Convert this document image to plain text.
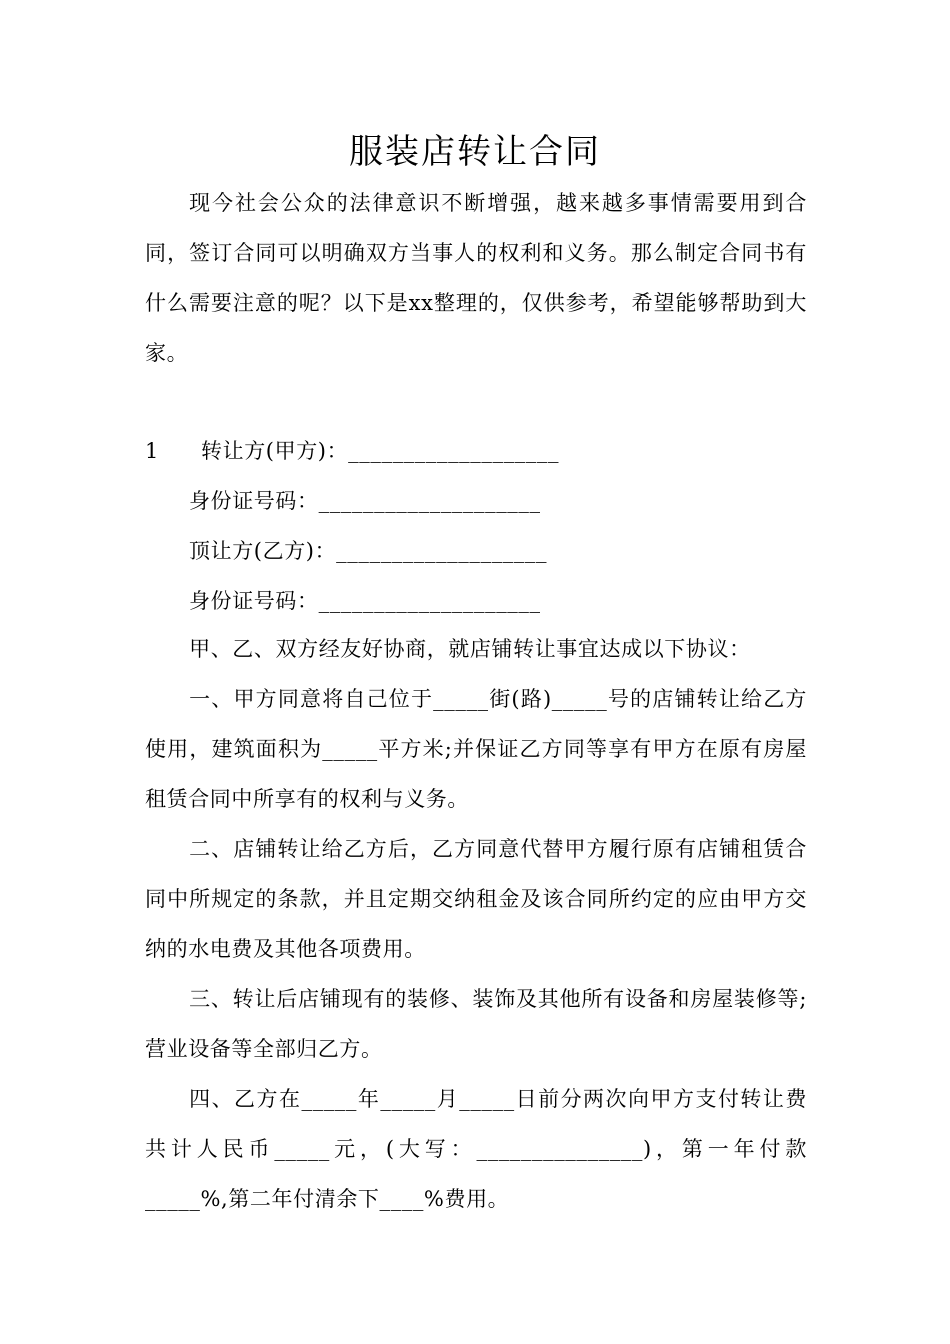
服装店转让合同

现今社会公众的法律意识不断增强，越来越多事情需要用到合同，签订合同可以明确双方当事人的权利和义务。那么制定合同书有什么需要注意的呢？以下是xx整理的，仅供参考，希望能够帮助到大家。

1 转让方(甲方)：___________________

身份证号码：____________________

顶让方(乙方)：___________________

身份证号码：____________________

甲、乙、双方经友好协商，就店铺转让事宜达成以下协议：

一、甲方同意将自己位于_____街(路)_____号的店铺转让给乙方使用，建筑面积为_____平方米;并保证乙方同等享有甲方在原有房屋租赁合同中所享有的权利与义务。

二、店铺转让给乙方后，乙方同意代替甲方履行原有店铺租赁合同中所规定的条款，并且定期交纳租金及该合同所约定的应由甲方交纳的水电费及其他各项费用。

三、转让后店铺现有的装修、装饰及其他所有设备和房屋装修等;营业设备等全部归乙方。

四、乙方在_____年_____月_____日前分两次向甲方支付转让费共计人民币_____元，(大写：_______________)，第一年付款_____%,第二年付清余下____%费用。
